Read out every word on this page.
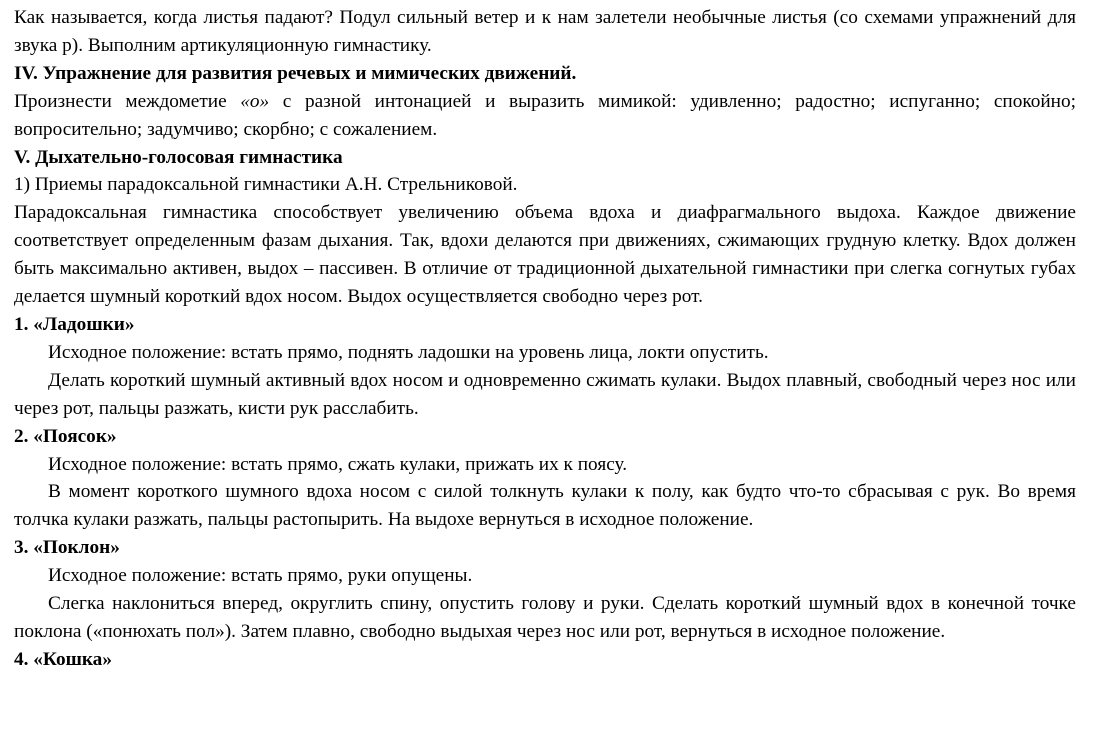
Как называется, когда листья падают? Подул сильный ветер и к нам залетели необычные листья (со схемами упражнений для звука р). Выполним артикуляционную гимнастику.

IV. Упражнение для развития речевых и мимических движений.

Произнести междометие «о» с разной интонацией и выразить мимикой: удивленно; радостно; испуганно; спокойно; вопросительно; задумчиво; скорбно; с сожалением.

V. Дыхательно-голосовая гимнастика

1) Приемы парадоксальной гимнастики А.Н. Стрельниковой.

Парадоксальная гимнастика способствует увеличению объема вдоха и диафрагмального выдоха. Каждое движение соответствует определенным фазам дыхания. Так, вдохи делаются при движениях, сжимающих грудную клетку. Вдох должен быть максимально активен, выдох – пассивен. В отличие от традиционной дыхательной гимнастики при слегка согнутых губах делается шумный короткий вдох носом. Выдох осуществляется свободно через рот.

1. «Ладошки»

Исходное положение: встать прямо, поднять ладошки на уровень лица, локти опустить.

Делать короткий шумный активный вдох носом и одновременно сжимать кулаки. Выдох плавный, свободный через нос или через рот, пальцы разжать, кисти рук расслабить.

2. «Поясок»

Исходное положение: встать прямо, сжать кулаки, прижать их к поясу.

В момент короткого шумного вдоха носом с силой толкнуть кулаки к полу, как будто что-то сбрасывая с рук. Во время толчка кулаки разжать, пальцы растопырить. На выдохе вернуться в исходное положение.

3. «Поклон»

Исходное положение: встать прямо, руки опущены.

Слегка наклониться вперед, округлить спину, опустить голову и руки. Сделать короткий шумный вдох в конечной точке поклона («понюхать пол»). Затем плавно, свободно выдыхая через нос или рот, вернуться в исходное положение.

4. «Кошка»
